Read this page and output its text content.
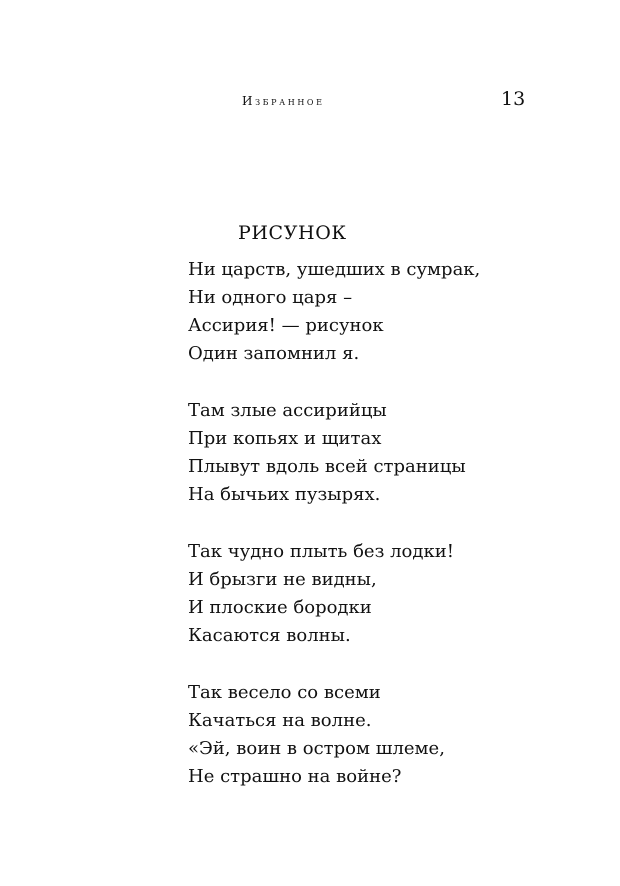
Избранное	13
РИСУНОК
Ни царств, ушедших в сумрак,
Ни одного царя –
Ассирия! — рисунок
Один запомнил я.
Там злые ассирийцы
При копьях и щитах
Плывут вдоль всей страницы
На бычьих пузырях.
Так чудно плыть без лодки!
И брызги не видны,
И плоские бородки
Касаются волны.
Так весело со всеми
Качаться на волне.
«Эй, воин в остром шлеме,
Не страшно на войне?
